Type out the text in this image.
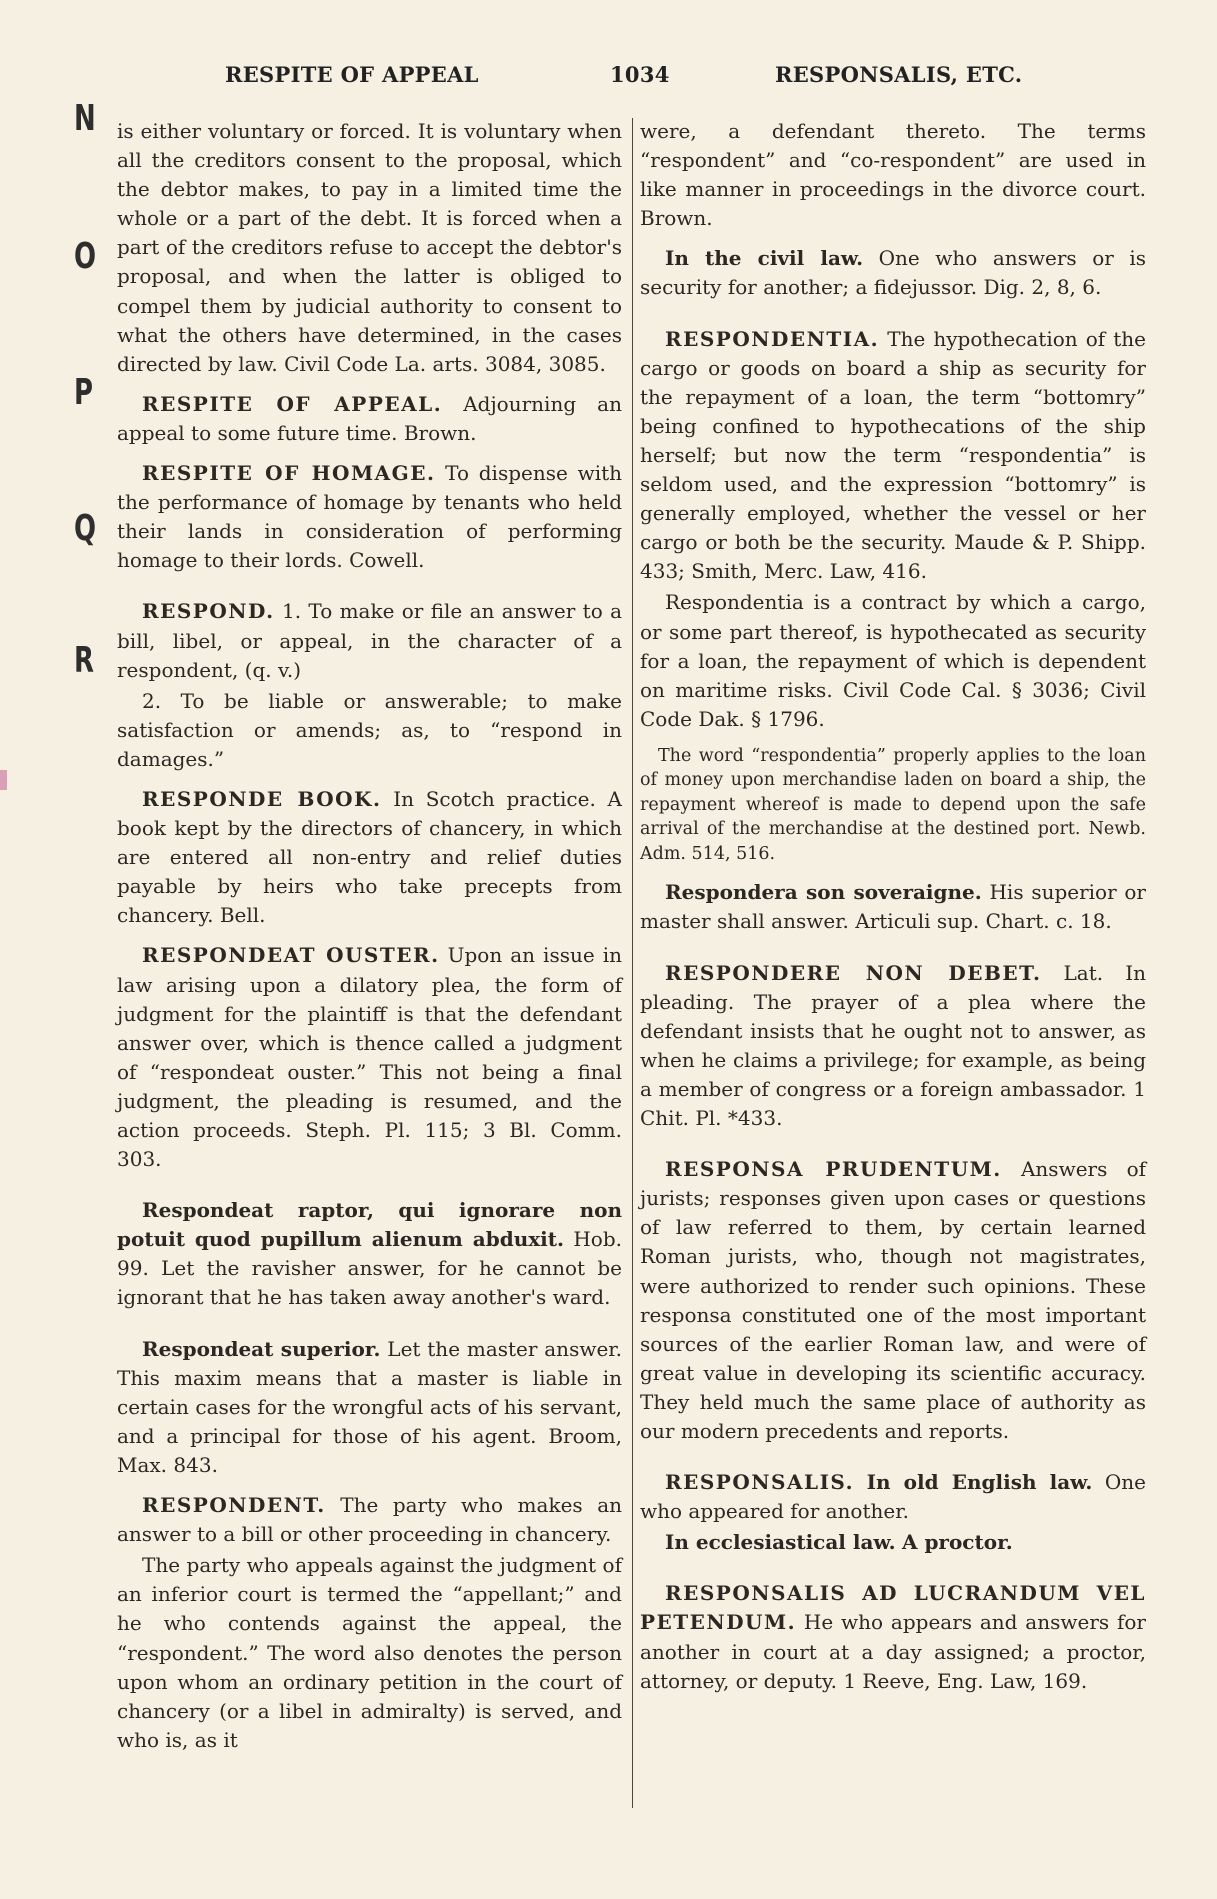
RESPITE OF APPEAL	1034	RESPONSALIS, ETC.
N
O
P
Q
R

is either voluntary or forced. It is voluntary when all the creditors consent to the proposal, which the debtor makes, to pay in a limited time the whole or a part of the debt. It is forced when a part of the creditors refuse to accept the debtor's proposal, and when the latter is obliged to compel them by judicial authority to consent to what the others have determined, in the cases directed by law. Civil Code La. arts. 3084, 3085.

RESPITE OF APPEAL. Adjourning an appeal to some future time. Brown.

RESPITE OF HOMAGE. To dispense with the performance of homage by tenants who held their lands in consideration of performing homage to their lords. Cowell.

RESPOND. 1. To make or file an answer to a bill, libel, or appeal, in the character of a respondent, (q. v.)

2. To be liable or answerable; to make satisfaction or amends; as, to “respond in damages.”

RESPONDE BOOK. In Scotch practice. A book kept by the directors of chancery, in which are entered all non-entry and relief duties payable by heirs who take precepts from chancery. Bell.

RESPONDEAT OUSTER. Upon an issue in law arising upon a dilatory plea, the form of judgment for the plaintiff is that the defendant answer over, which is thence called a judgment of “respondeat ouster.” This not being a final judgment, the pleading is resumed, and the action proceeds. Steph. Pl. 115; 3 Bl. Comm. 303.

Respondeat raptor, qui ignorare non potuit quod pupillum alienum abduxit. Hob. 99. Let the ravisher answer, for he cannot be ignorant that he has taken away another's ward.

Respondeat superior. Let the master answer. This maxim means that a master is liable in certain cases for the wrongful acts of his servant, and a principal for those of his agent. Broom, Max. 843.

RESPONDENT. The party who makes an answer to a bill or other proceeding in chancery.

The party who appeals against the judgment of an inferior court is termed the “appellant;” and he who contends against the appeal, the “respondent.” The word also denotes the person upon whom an ordinary petition in the court of chancery (or a libel in admiralty) is served, and who is, as it

were, a defendant thereto. The terms “respondent” and “co-respondent” are used in like manner in proceedings in the divorce court. Brown.

In the civil law. One who answers or is security for another; a fidejussor. Dig. 2, 8, 6.

RESPONDENTIA. The hypothecation of the cargo or goods on board a ship as security for the repayment of a loan, the term “bottomry” being confined to hypothecations of the ship herself; but now the term “respondentia” is seldom used, and the expression “bottomry” is generally employed, whether the vessel or her cargo or both be the security. Maude & P. Shipp. 433; Smith, Merc. Law, 416.

Respondentia is a contract by which a cargo, or some part thereof, is hypothecated as security for a loan, the repayment of which is dependent on maritime risks. Civil Code Cal. § 3036; Civil Code Dak. § 1796.

The word “respondentia” properly applies to the loan of money upon merchandise laden on board a ship, the repayment whereof is made to depend upon the safe arrival of the merchandise at the destined port. Newb. Adm. 514, 516.

Respondera son soveraigne. His superior or master shall answer. Articuli sup. Chart. c. 18.

RESPONDERE NON DEBET. Lat. In pleading. The prayer of a plea where the defendant insists that he ought not to answer, as when he claims a privilege; for example, as being a member of congress or a foreign ambassador. 1 Chit. Pl. *433.

RESPONSA PRUDENTUM. Answers of jurists; responses given upon cases or questions of law referred to them, by certain learned Roman jurists, who, though not magistrates, were authorized to render such opinions. These responsa constituted one of the most important sources of the earlier Roman law, and were of great value in developing its scientific accuracy. They held much the same place of authority as our modern precedents and reports.

RESPONSALIS. In old English law. One who appeared for another.

In ecclesiastical law. A proctor.

RESPONSALIS AD LUCRANDUM VEL PETENDUM. He who appears and answers for another in court at a day assigned; a proctor, attorney, or deputy. 1 Reeve, Eng. Law, 169.
